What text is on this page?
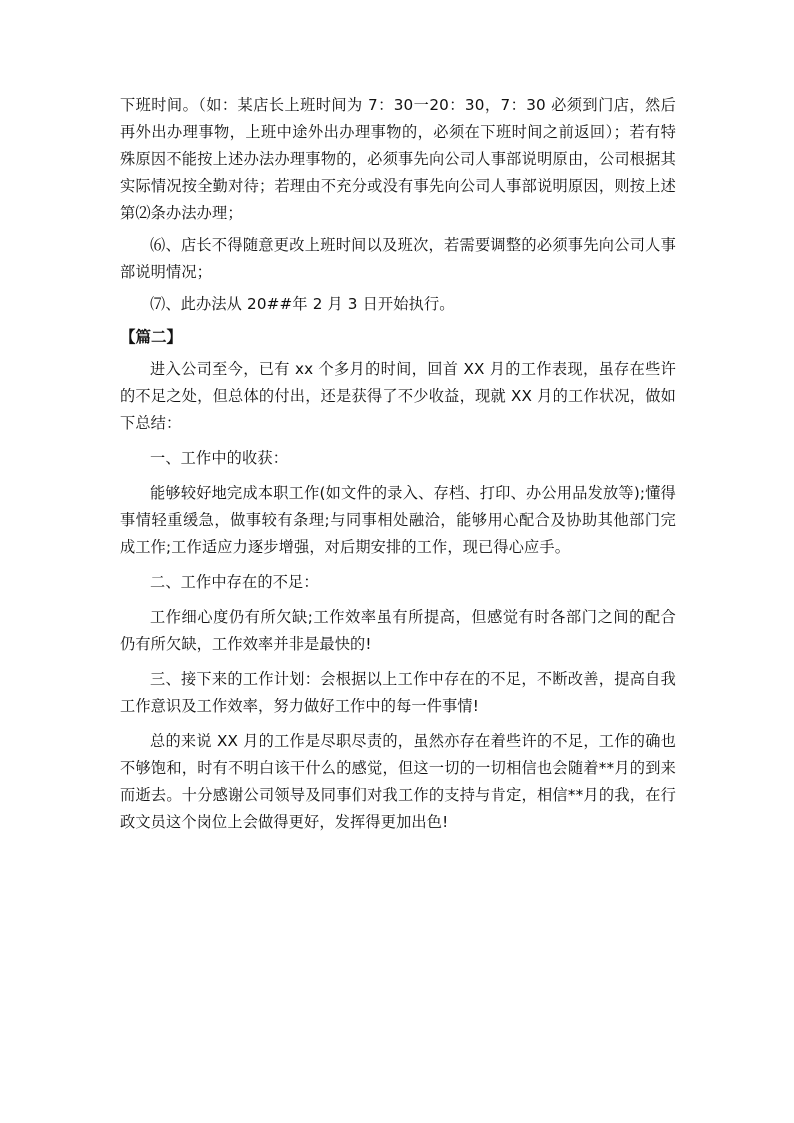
下班时间。（如：某店长上班时间为 7：30一20：30，7：30 必须到门店，然后再外出办理事物，上班中途外出办理事物的，必须在下班时间之前返回）；若有特殊原因不能按上述办法办理事物的，必须事先向公司人事部说明原由，公司根据其实际情况按全勤对待；若理由不充分或没有事先向公司人事部说明原因，则按上述第⑵条办法办理；

⑹、店长不得随意更改上班时间以及班次，若需要调整的必须事先向公司人事部说明情况；

⑺、此办法从 20##年 2 月 3 日开始执行。

【篇二】

进入公司至今，已有 xx 个多月的时间，回首 XX 月的工作表现，虽存在些许的不足之处，但总体的付出，还是获得了不少收益，现就 XX 月的工作状况，做如下总结：

一、工作中的收获：

能够较好地完成本职工作(如文件的录入、存档、打印、办公用品发放等);懂得事情轻重缓急，做事较有条理;与同事相处融洽，能够用心配合及协助其他部门完成工作;工作适应力逐步增强，对后期安排的工作，现已得心应手。

二、工作中存在的不足：

工作细心度仍有所欠缺;工作效率虽有所提高，但感觉有时各部门之间的配合仍有所欠缺，工作效率并非是最快的!

三、接下来的工作计划：会根据以上工作中存在的不足，不断改善，提高自我工作意识及工作效率，努力做好工作中的每一件事情!

总的来说 XX 月的工作是尽职尽责的，虽然亦存在着些许的不足，工作的确也不够饱和，时有不明白该干什么的感觉，但这一切的一切相信也会随着**月的到来而逝去。十分感谢公司领导及同事们对我工作的支持与肯定，相信**月的我，在行政文员这个岗位上会做得更好，发挥得更加出色!
